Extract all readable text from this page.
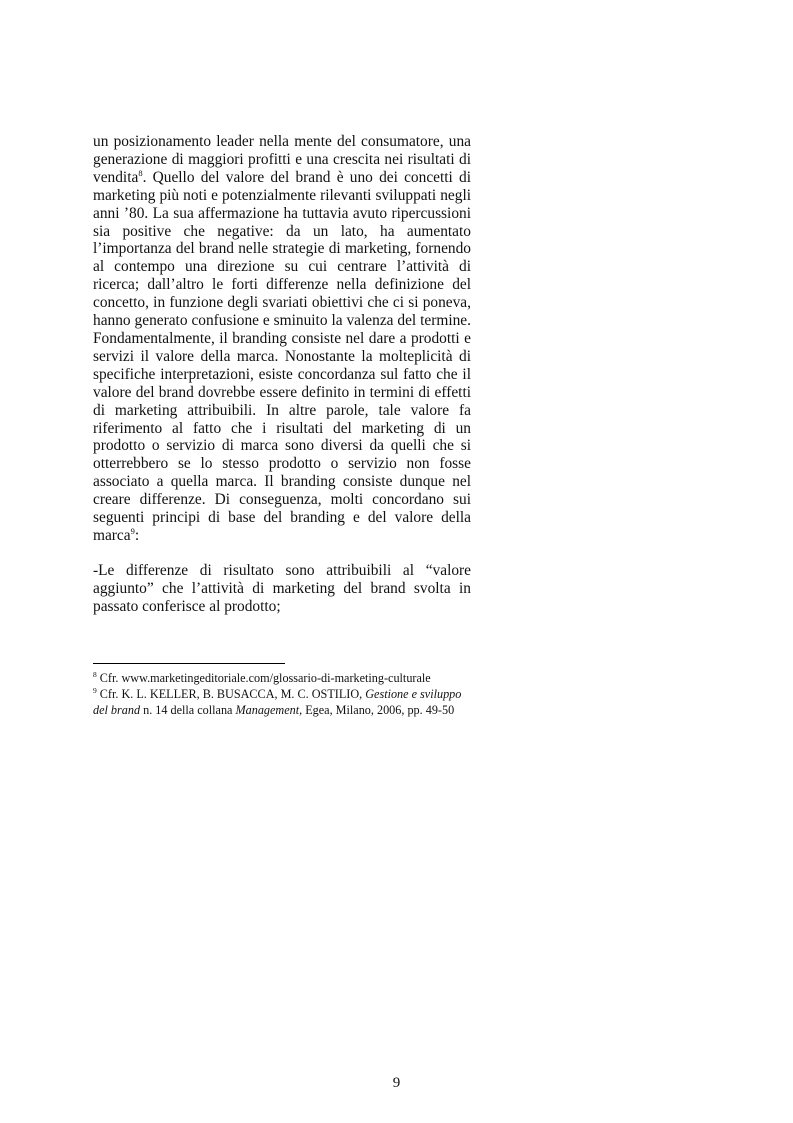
un posizionamento leader nella mente del consumatore, una generazione di maggiori profitti e una crescita nei risultati di vendita$^8$. Quello del valore del brand è uno dei concetti di marketing più noti e potenzialmente rilevanti sviluppati negli anni ’80. La sua affermazione ha tuttavia avuto ripercussioni sia positive che negative: da un lato, ha aumentato l’importanza del brand nelle strategie di marketing, fornendo al contempo una direzione su cui centrare l’attività di ricerca; dall’altro le forti differenze nella definizione del concetto, in funzione degli svariati obiettivi che ci si poneva, hanno generato confusione e sminuito la valenza del termine. Fondamentalmente, il branding consiste nel dare a prodotti e servizi il valore della marca. Nonostante la molteplicità di specifiche interpretazioni, esiste concordanza sul fatto che il valore del brand dovrebbe essere definito in termini di effetti di marketing attribuibili. In altre parole, tale valore fa riferimento al fatto che i risultati del marketing di un prodotto o servizio di marca sono diversi da quelli che si otterrebbero se lo stesso prodotto o servizio non fosse associato a quella marca. Il branding consiste dunque nel creare differenze. Di conseguenza, molti concordano sui seguenti principi di base del branding e del valore della marca$^9$:

-Le differenze di risultato sono attribuibili al “valore aggiunto” che l’attività di marketing del brand svolta in passato conferisce al prodotto;

$^8$ Cfr. www.marketingeditoriale.com/glossario-di-marketing-culturale

$^9$ Cfr. K. L. KELLER, B. BUSACCA, M. C. OSTILIO, Gestione e sviluppo del brand n. 14 della collana Management, Egea, Milano, 2006, pp. 49-50

9
